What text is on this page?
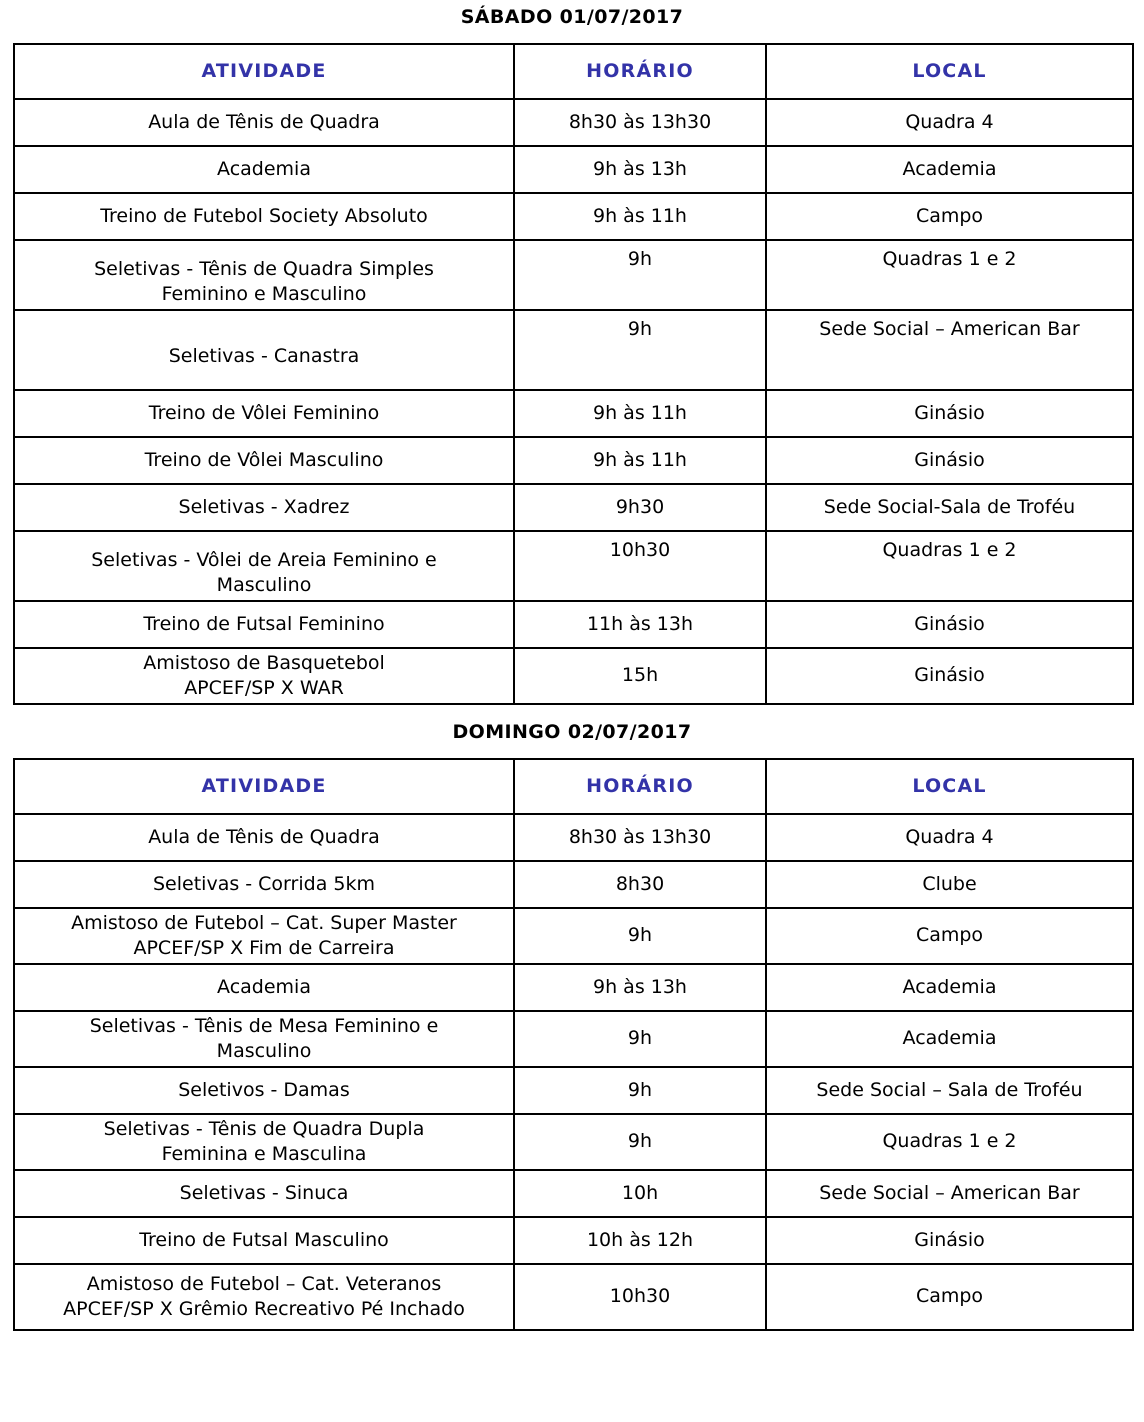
SÁBADO 01/07/2017
ATIVIDADE	HORÁRIO	LOCAL
Aula de Tênis de Quadra	8h30 às 13h30	Quadra 4
Academia	9h às 13h	Academia
Treino de Futebol Society Absoluto	9h às 11h	Campo
Seletivas - Tênis de Quadra Simples
Feminino e Masculino	9h	Quadras 1 e 2
Seletivas - Canastra	9h	Sede Social – American Bar
Treino de Vôlei Feminino	9h às 11h	Ginásio
Treino de Vôlei Masculino	9h às 11h	Ginásio
Seletivas - Xadrez	9h30	Sede Social-Sala de Troféu
Seletivas - Vôlei de Areia Feminino e
Masculino	10h30	Quadras 1 e 2
Treino de Futsal Feminino	11h às 13h	Ginásio
Amistoso de Basquetebol
APCEF/SP X WAR	15h	Ginásio
DOMINGO 02/07/2017
ATIVIDADE	HORÁRIO	LOCAL
Aula de Tênis de Quadra	8h30 às 13h30	Quadra 4
Seletivas - Corrida 5km	8h30	Clube
Amistoso de Futebol – Cat. Super Master
APCEF/SP X Fim de Carreira	9h	Campo
Academia	9h às 13h	Academia
Seletivas - Tênis de Mesa Feminino e
Masculino	9h	Academia
Seletivos - Damas	9h	Sede Social – Sala de Troféu
Seletivas - Tênis de Quadra Dupla
Feminina e Masculina	9h	Quadras 1 e 2
Seletivas - Sinuca	10h	Sede Social – American Bar
Treino de Futsal Masculino	10h às 12h	Ginásio
Amistoso de Futebol – Cat. Veteranos
APCEF/SP X Grêmio Recreativo Pé Inchado	10h30	Campo
